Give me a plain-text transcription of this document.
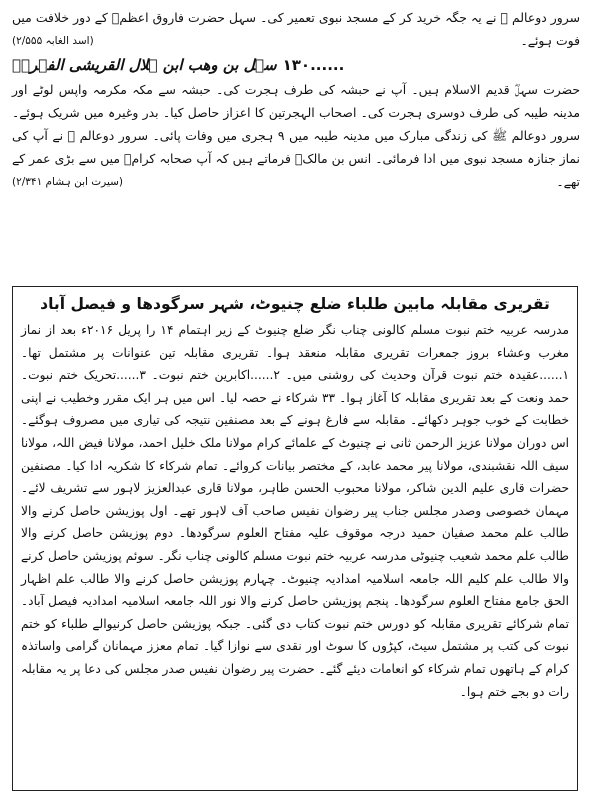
سرور دوعالم ﷺ نے یہ جگہ خرید کر کے مسجد نبوی تعمیر کی۔ سہل حضرت فاروق اعظمؓ کے دور خلافت میں فوت ہوئے۔

(اسد الغابہ ۲/۵۵۵)
۱۳۰......
سہل بن وھب ابن ہلال القریشی الفہریؓ

حضرت سہلؓ قدیم الاسلام ہیں۔ آپ نے حبشہ کی طرف ہجرت کی۔ حبشہ سے مکہ مکرمہ واپس لوٹے اور مدینہ طیبہ کی طرف دوسری ہجرت کی۔ اصحاب الہجرتین کا اعزاز حاصل کیا۔ بدر وغیرہ میں شریک ہوئے۔ سرور دوعالم ﷺ کی زندگی مبارک میں مدینہ طیبہ میں ۹ ہجری میں وفات پائی۔ سرور دوعالم ﷺ نے آپ کی نماز جنازہ مسجد نبوی میں ادا فرمائی۔ انس بن مالکؓ فرماتے ہیں کہ آپ صحابہ کرامؓ میں سے بڑی عمر کے تھے۔

(سیرت ابن ہشام ۲/۳۴۱)
تقریری مقابلہ مابین طلباء ضلع چنیوٹ، شہر سرگودھا و فیصل آباد

مدرسہ عربیہ ختم نبوت مسلم کالونی چناب نگر ضلع چنیوٹ کے زیر اہتمام ۱۴ را پریل ۲۰۱۶ء بعد از نماز مغرب وعشاء بروز جمعرات تقریری مقابلہ منعقد ہوا۔ تقریری مقابلہ تین عنوانات پر مشتمل تھا۔ ۱......عقیدہ ختم نبوت قرآن وحدیث کی روشنی میں۔ ۲......اکابرین ختم نبوت۔ ۳......تحریک ختم نبوت۔ حمد ونعت کے بعد تقریری مقابلہ کا آغاز ہوا۔ ۳۳ شرکاء نے حصہ لیا۔ اس میں ہر ایک مقرر وخطیب نے اپنی خطابت کے خوب جوہر دکھائے۔ مقابلہ سے فارغ ہونے کے بعد مصنفین نتیجہ کی تیاری میں مصروف ہوگئے۔ اس دوران مولانا عزیز الرحمن ثانی نے چنیوٹ کے علمائے کرام مولانا ملک خلیل احمد، مولانا فیض اللہ، مولانا سیف اللہ نقشبندی، مولانا پیر محمد عابد، کے مختصر بیانات کروائے۔ تمام شرکاء کا شکریہ ادا کیا۔ مصنفین حضرات قاری علیم الدین شاکر، مولانا محبوب الحسن طاہر، مولانا قاری عبدالعزیز لاہور سے تشریف لائے۔ مہمان خصوصی وصدر مجلس جناب پیر رضوان نفیس صاحب آف لاہور تھے۔ اول پوزیشن حاصل کرنے والا طالب علم محمد صفیان حمید درجہ موقوف علیہ مفتاح العلوم سرگودھا۔ دوم پوزیشن حاصل کرنے والا طالب علم محمد شعیب چنیوٹی مدرسہ عربیہ ختم نبوت مسلم کالونی چناب نگر۔ سوئم پوزیشن حاصل کرنے والا طالب علم کلیم اللہ جامعہ اسلامیہ امدادیہ چنیوٹ۔ چہارم پوزیشن حاصل کرنے والا طالب علم اظہار الحق جامع مفتاح العلوم سرگودھا۔ پنجم پوزیشن حاصل کرنے والا نور اللہ جامعہ اسلامیہ امدادیہ فیصل آباد۔ تمام شرکائے تقریری مقابلہ کو دورس ختم نبوت کتاب دی گئی۔ جبکہ پوزیشن حاصل کرنیوالے طلباء کو ختم نبوت کی کتب پر مشتمل سیٹ، کپڑوں کا سوٹ اور نقدی سے نوازا گیا۔ تمام معزز مہمانان گرامی واساتذہ کرام کے ہاتھوں تمام شرکاء کو انعامات دیئے گئے۔ حضرت پیر رضوان نفیس صدر مجلس کی دعا پر یہ مقابلہ رات دو بجے ختم ہوا۔
